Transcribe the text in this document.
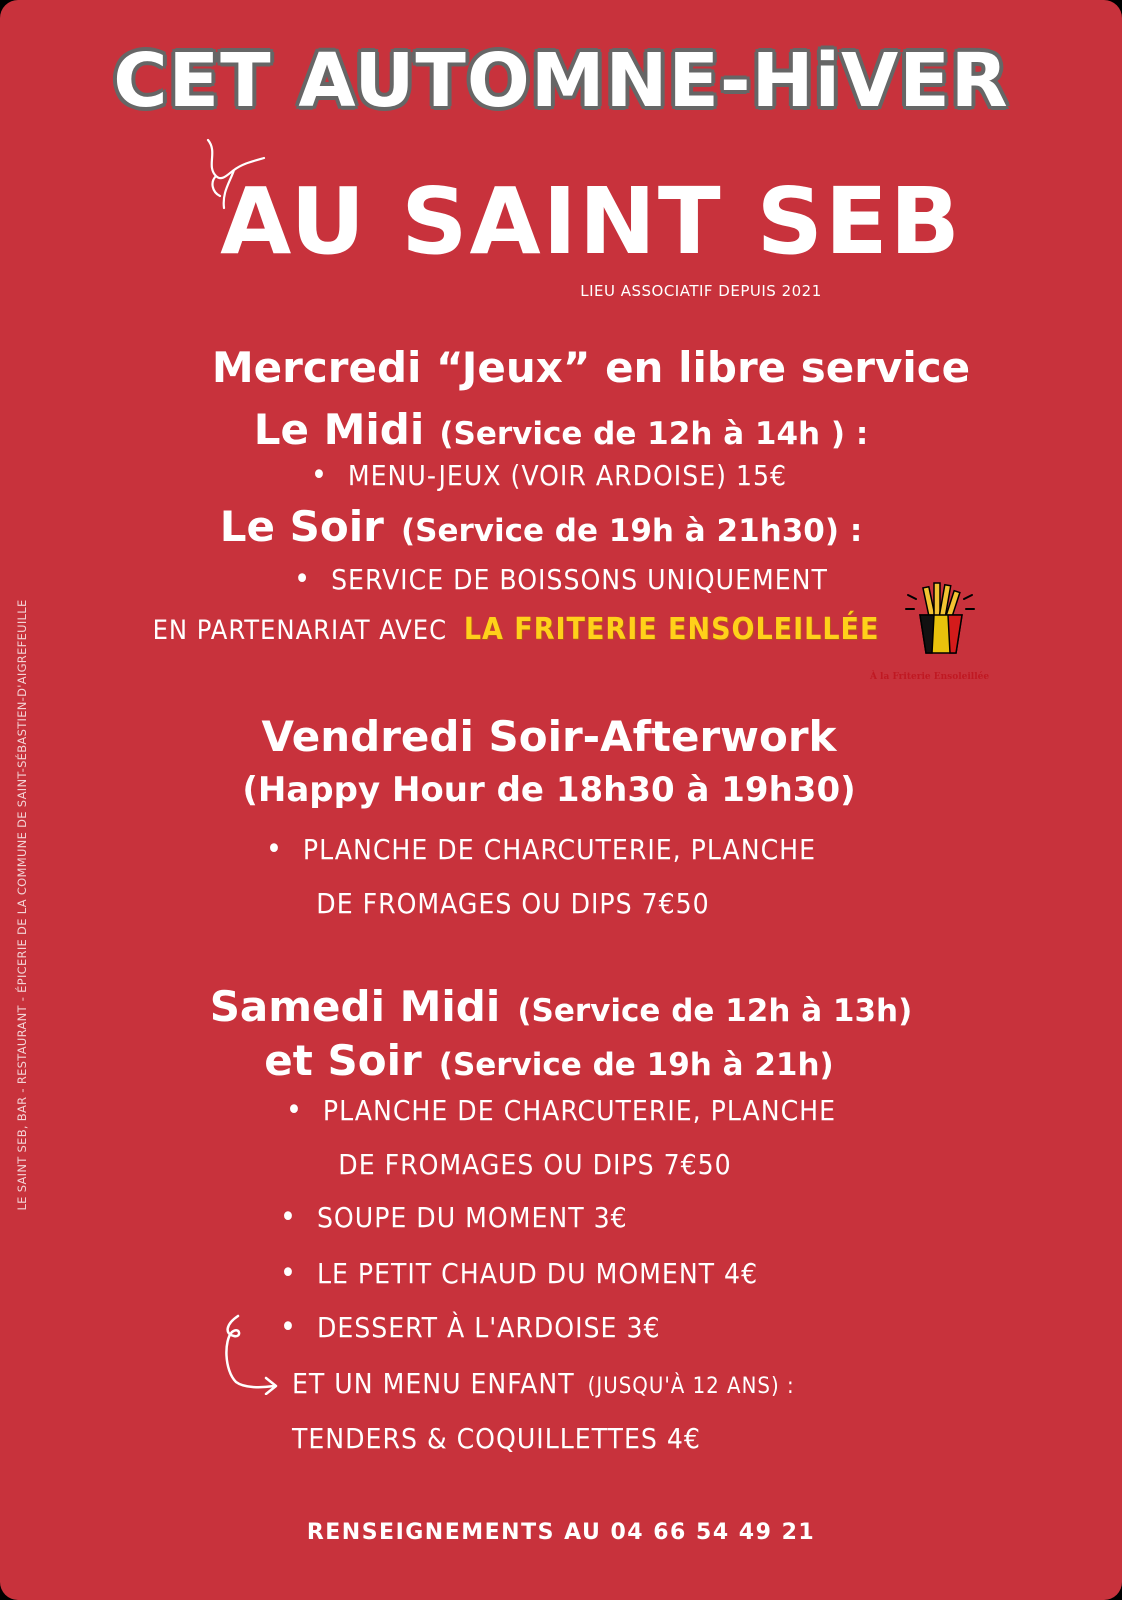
CET AUTOMNE-HiVER
AU SAINT SEB
LIEU ASSOCIATIF DEPUIS 2021
LE SAINT SEB, BAR - RESTAURANT - ÉPICERIE DE LA COMMUNE DE SAINT-SÉBASTIEN-D'AIGREFEUILLE
Mercredi “Jeux” en libre service
Le Midi (Service de 12h à 14h ) :
• MENU-JEUX (VOIR ARDOISE) 15€
Le Soir (Service de 19h à 21h30) :
• SERVICE DE BOISSONS UNIQUEMENT
EN PARTENARIAT AVEC LA FRITERIE ENSOLEILLÉE
À la Friterie Ensoleillée
Vendredi Soir-Afterwork
(Happy Hour de 18h30 à 19h30)
• PLANCHE DE CHARCUTERIE, PLANCHE
DE FROMAGES OU DIPS 7€50
Samedi Midi (Service de 12h à 13h)
et Soir (Service de 19h à 21h)
• PLANCHE DE CHARCUTERIE, PLANCHE
DE FROMAGES OU DIPS 7€50
• SOUPE DU MOMENT 3€
• LE PETIT CHAUD DU MOMENT 4€
• DESSERT À L'ARDOISE 3€
ET UN MENU ENFANT (JUSQU'À 12 ANS) :
TENDERS & COQUILLETTES 4€
RENSEIGNEMENTS AU 04 66 54 49 21
